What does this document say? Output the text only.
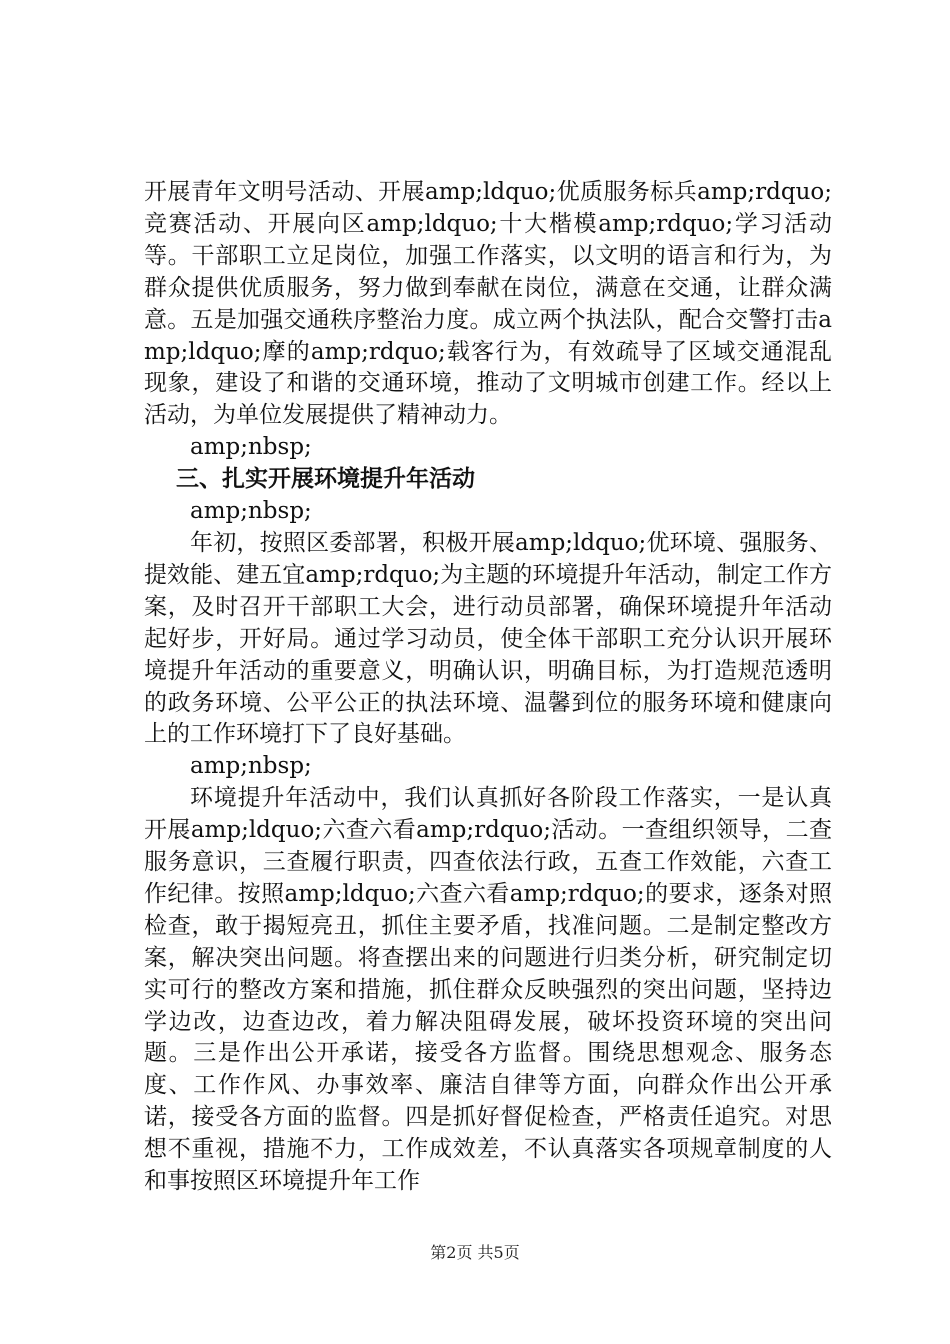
开展青年文明号活动、开展amp;ldquo;优质服务标兵amp;rdquo;竞赛活动、开展向区amp;ldquo;十大楷模amp;rdquo;学习活动等。干部职工立足岗位，加强工作落实，以文明的语言和行为，为群众提供优质服务，努力做到奉献在岗位，满意在交通，让群众满意。五是加强交通秩序整治力度。成立两个执法队，配合交警打击amp;ldquo;摩的amp;rdquo;载客行为，有效疏导了区域交通混乱现象，建设了和谐的交通环境，推动了文明城市创建工作。经以上活动，为单位发展提供了精神动力。

amp;nbsp;

三、扎实开展环境提升年活动

amp;nbsp;

年初，按照区委部署，积极开展amp;ldquo;优环境、强服务、提效能、建五宜amp;rdquo;为主题的环境提升年活动，制定工作方案，及时召开干部职工大会，进行动员部署，确保环境提升年活动起好步，开好局。通过学习动员，使全体干部职工充分认识开展环境提升年活动的重要意义，明确认识，明确目标，为打造规范透明的政务环境、公平公正的执法环境、温馨到位的服务环境和健康向上的工作环境打下了良好基础。

amp;nbsp;

环境提升年活动中，我们认真抓好各阶段工作落实，一是认真开展amp;ldquo;六查六看amp;rdquo;活动。一查组织领导，二查服务意识，三查履行职责，四查依法行政，五查工作效能，六查工作纪律。按照amp;ldquo;六查六看amp;rdquo;的要求，逐条对照检查，敢于揭短亮丑，抓住主要矛盾，找准问题。二是制定整改方案，解决突出问题。将查摆出来的问题进行归类分析，研究制定切实可行的整改方案和措施，抓住群众反映强烈的突出问题，坚持边学边改，边查边改，着力解决阻碍发展，破坏投资环境的突出问题。三是作出公开承诺，接受各方监督。围绕思想观念、服务态度、工作作风、办事效率、廉洁自律等方面，向群众作出公开承诺，接受各方面的监督。四是抓好督促检查，严格责任追究。对思想不重视，措施不力，工作成效差，不认真落实各项规章制度的人和事按照区环境提升年工作

第2页 共5页
